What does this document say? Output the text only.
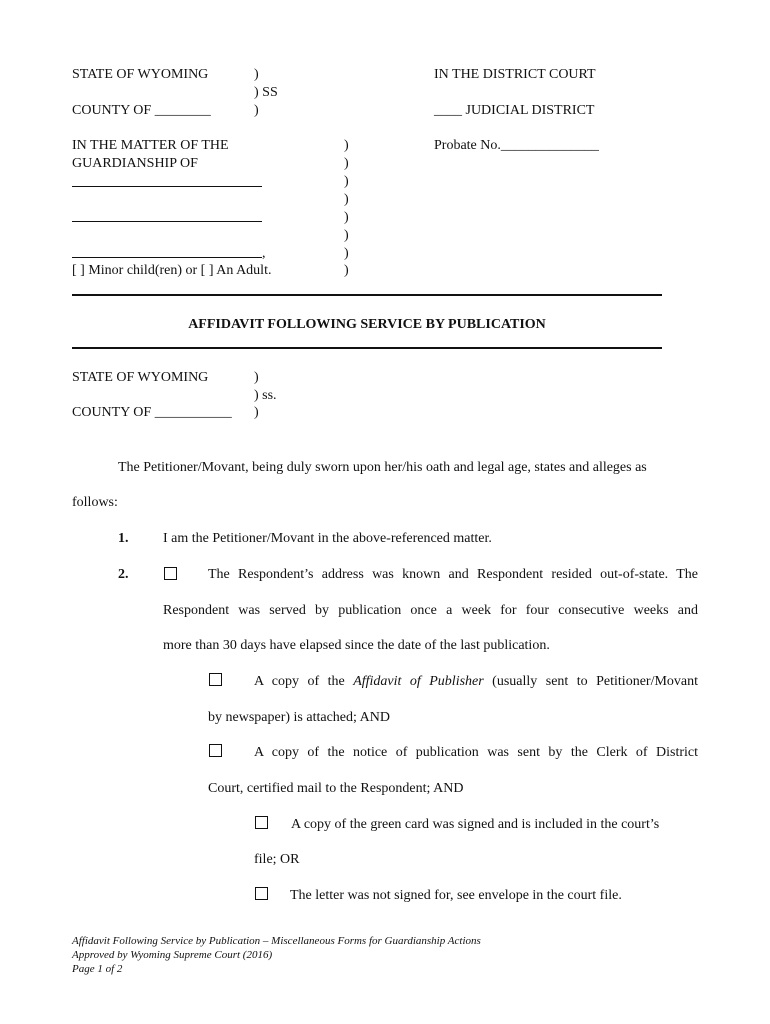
STATE OF WYOMING	)
) SS
)
COUNTY OF ________
IN THE DISTRICT COURT
____ JUDICIAL DISTRICT
IN THE MATTER OF THE
GUARDIANSHIP OF
,
[ ] Minor child(ren) or [ ] An Adult.
)
)
)
)
)
)
)
)
Probate No.______________
AFFIDAVIT FOLLOWING SERVICE BY PUBLICATION
STATE OF WYOMING
COUNTY OF ___________
)
) ss.
)
The Petitioner/Movant, being duly sworn upon her/his oath and legal age, states and alleges as
follows:
1. I am the Petitioner/Movant in the above-referenced matter.
2.	The Respondent’s address was known and Respondent resided out-of-state. The
Respondent was served by publication once a week for four consecutive weeks and
more than 30 days have elapsed since the date of the last publication.
A copy of the Affidavit of Publisher (usually sent to Petitioner/Movant
by newspaper) is attached; AND
A copy of the notice of publication was sent by the Clerk of District
Court, certified mail to the Respondent; AND
A copy of the green card was signed and is included in the court’s
file; OR
The letter was not signed for, see envelope in the court file.
Affidavit Following Service by Publication – Miscellaneous Forms for Guardianship Actions
Approved by Wyoming Supreme Court (2016)
Page 1 of 2
